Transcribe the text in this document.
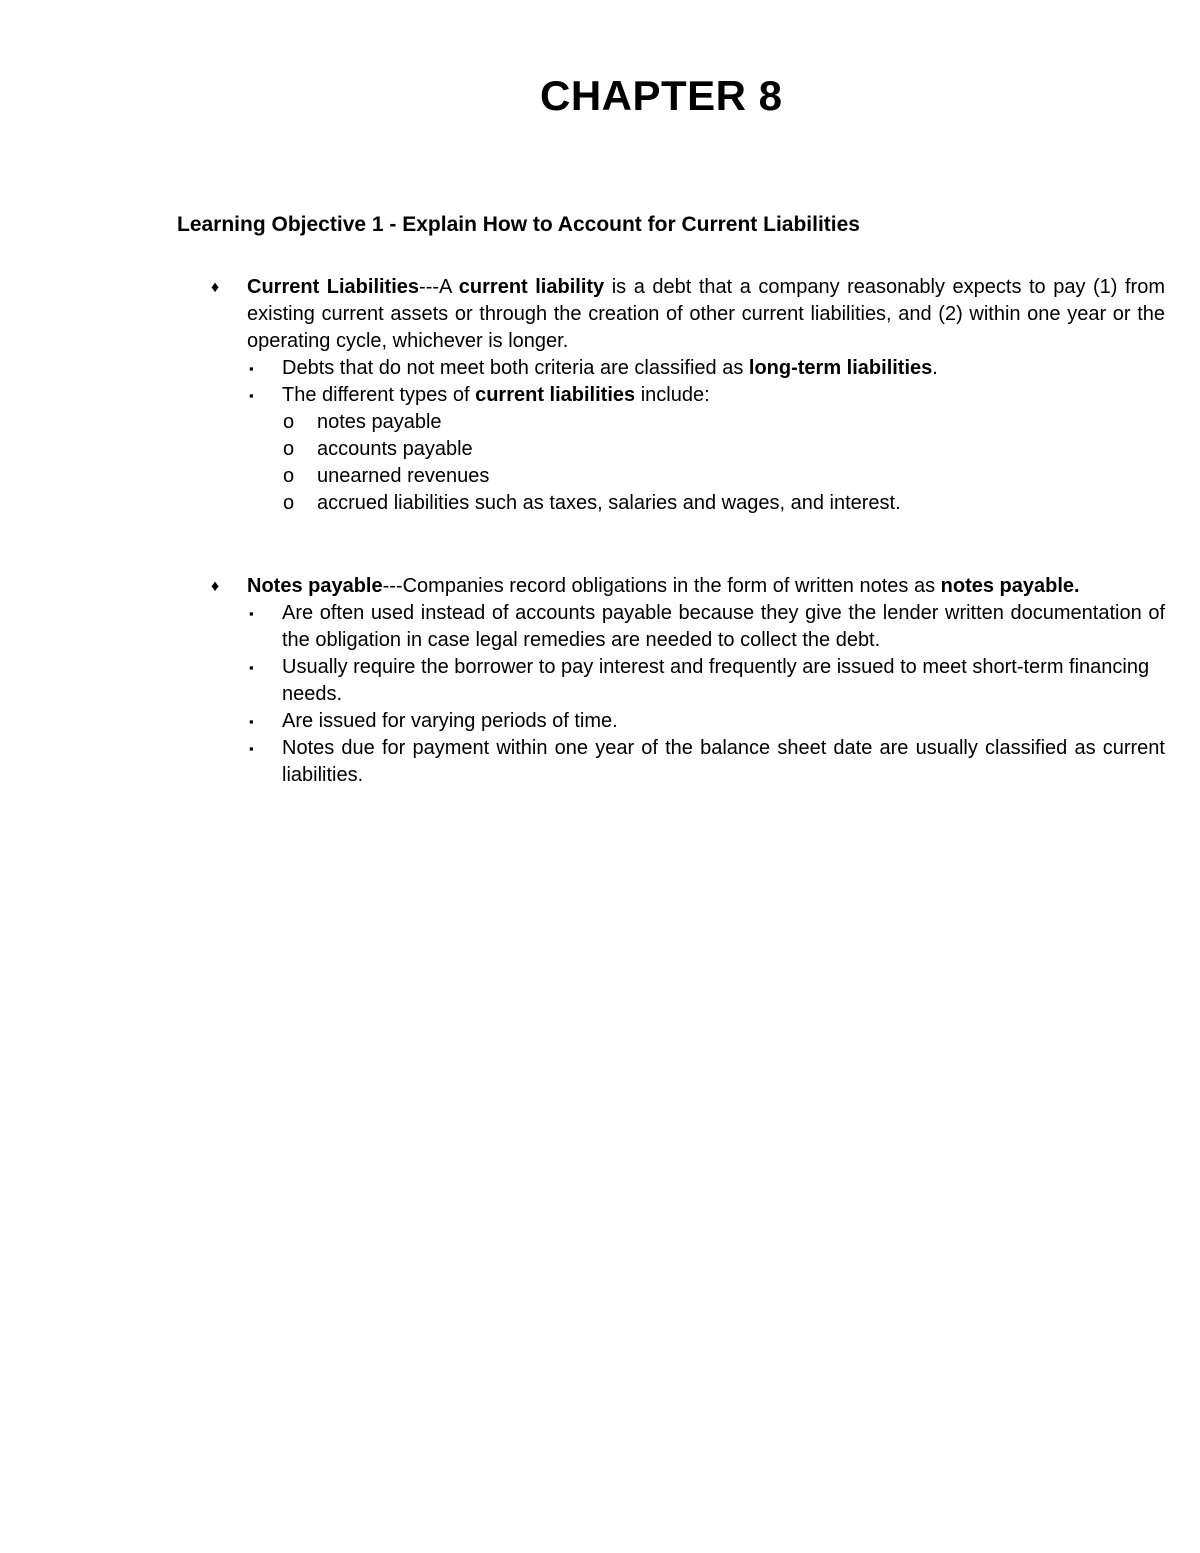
CHAPTER 8
Learning Objective 1 - Explain How to Account for Current Liabilities
♦ Current Liabilities---A current liability is a debt that a company reasonably expects to pay (1) from existing current assets or through the creation of other current liabilities, and (2) within one year or the operating cycle, whichever is longer.
▪ Debts that do not meet both criteria are classified as long-term liabilities.
▪ The different types of current liabilities include:
o notes payable
o accounts payable
o unearned revenues
o accrued liabilities such as taxes, salaries and wages, and interest.
♦ Notes payable---Companies record obligations in the form of written notes as notes payable.
▪ Are often used instead of accounts payable because they give the lender written documentation of the obligation in case legal remedies are needed to collect the debt.
▪ Usually require the borrower to pay interest and frequently are issued to meet short-term financing needs.
▪ Are issued for varying periods of time.
▪ Notes due for payment within one year of the balance sheet date are usually classified as current liabilities.
